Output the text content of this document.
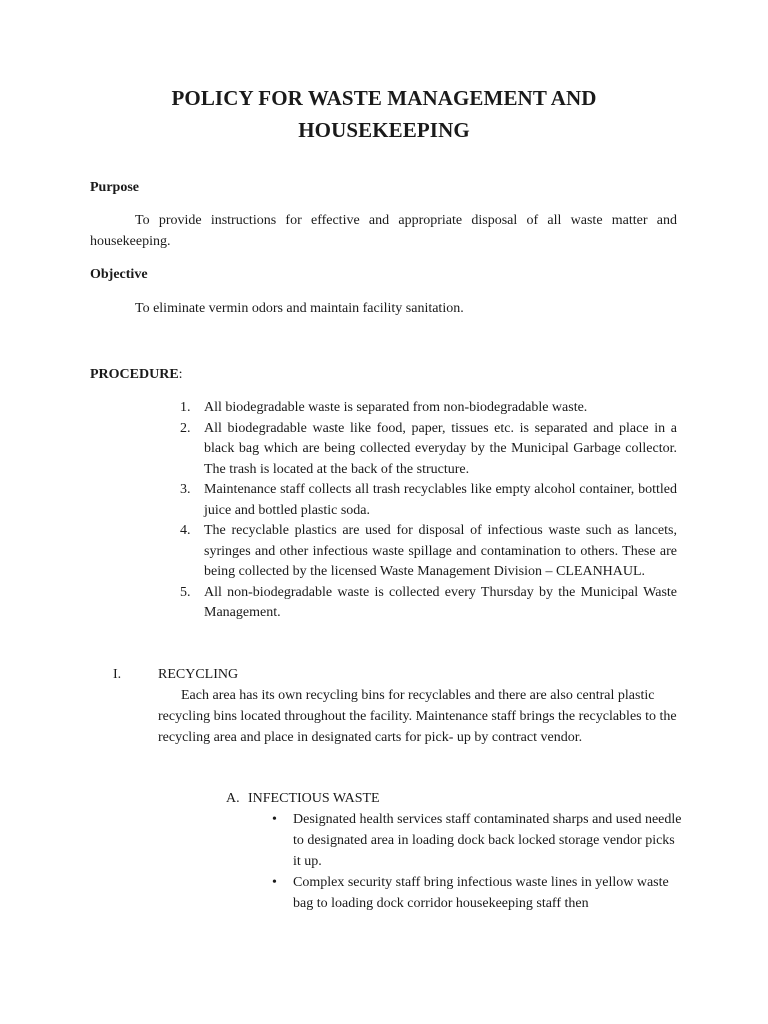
POLICY FOR WASTE MANAGEMENT AND HOUSEKEEPING
Purpose
To provide instructions for effective and appropriate disposal of all waste matter and housekeeping.
Objective
To eliminate vermin odors and maintain facility sanitation.
PROCEDURE:
1. All biodegradable waste is separated from non-biodegradable waste.
2. All biodegradable waste like food, paper, tissues etc. is separated and place in a black bag which are being collected everyday by the Municipal Garbage collector. The trash is located at the back of the structure.
3. Maintenance staff collects all trash recyclables like empty alcohol container, bottled juice and bottled plastic soda.
4. The recyclable plastics are used for disposal of infectious waste such as lancets, syringes and other infectious waste spillage and contamination to others. These are being collected by the licensed Waste Management Division – CLEANHAUL.
5. All non-biodegradable waste is collected every Thursday by the Municipal Waste Management.
I.	RECYCLING
Each area has its own recycling bins for recyclables and there are also central plastic recycling bins located throughout the facility. Maintenance staff brings the recyclables to the recycling area and place in designated carts for pick- up by contract vendor.
A. INFECTIOUS WASTE
• Designated health services staff contaminated sharps and used needle to designated area in loading dock back locked storage vendor picks it up.
• Complex security staff bring infectious waste lines in yellow waste bag to loading dock corridor housekeeping staff then
